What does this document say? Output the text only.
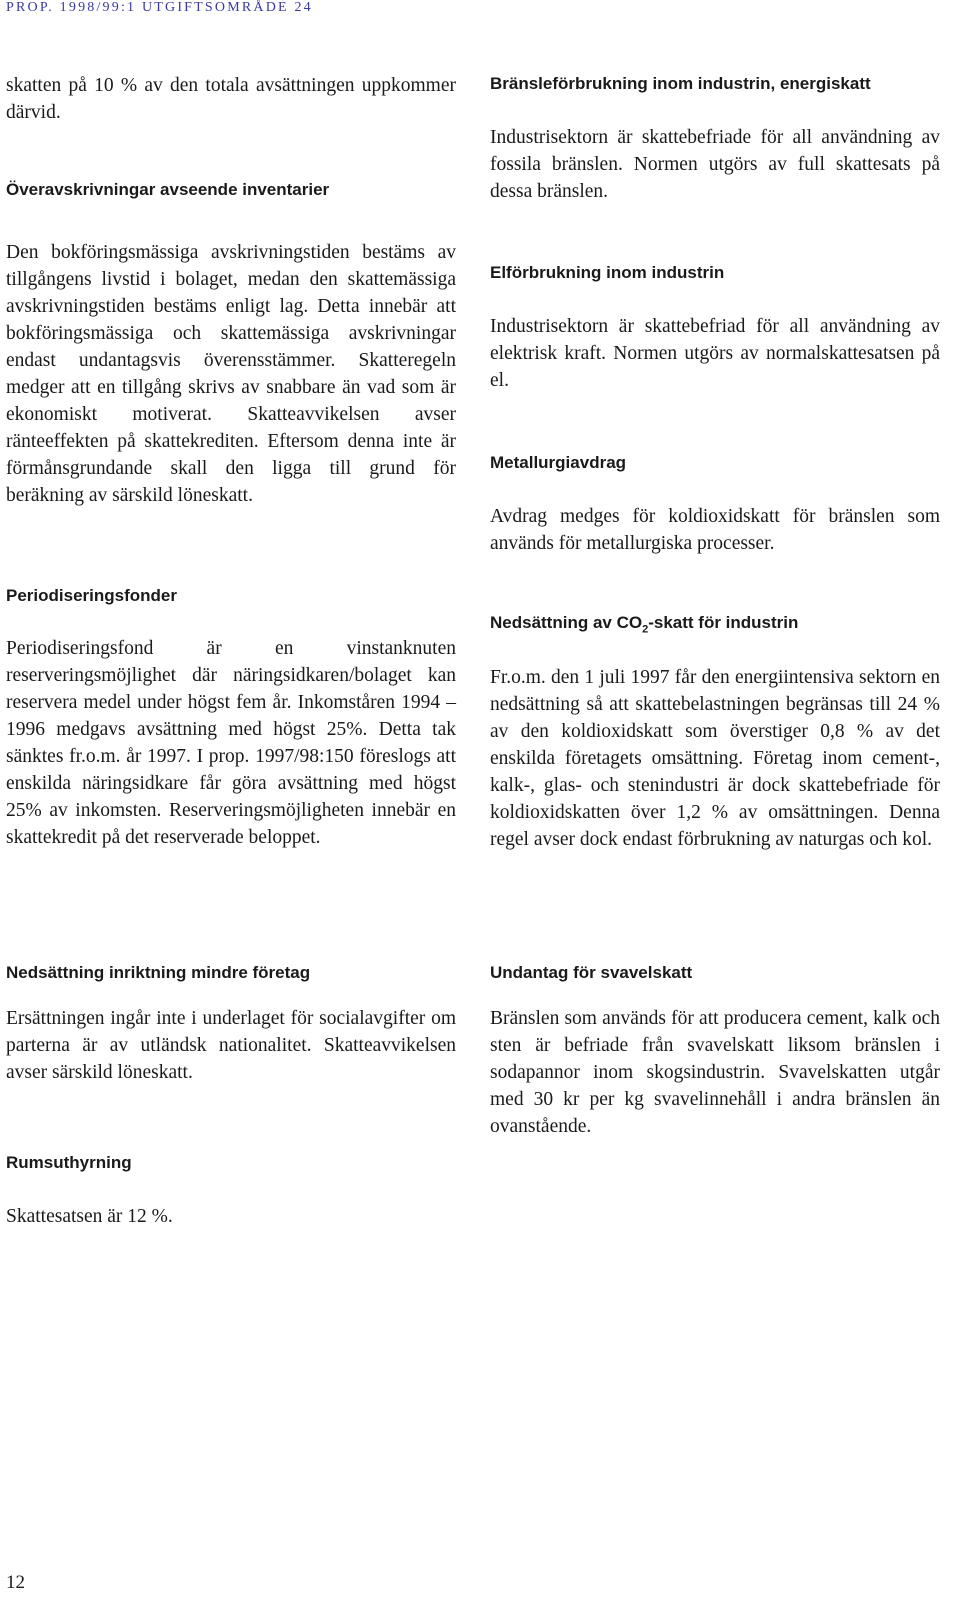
PROP. 1998/99:1 UTGIFTSOMRÅDE 24

skatten på 10 % av den totala avsättningen uppkommer därvid.

Överavskrivningar avseende inventarier

Den bokföringsmässiga avskrivningstiden bestäms av tillgångens livstid i bolaget, medan den skattemässiga avskrivningstiden bestäms enligt lag. Detta innebär att bokföringsmässiga och skattemässiga avskrivningar endast undantagsvis överensstämmer. Skatteregeln medger att en tillgång skrivs av snabbare än vad som är ekonomiskt motiverat. Skatteavvikelsen avser ränteeffekten på skattekrediten. Eftersom denna inte är förmånsgrundande skall den ligga till grund för beräkning av särskild löneskatt.

Periodiseringsfonder

Periodiseringsfond är en vinstanknuten reserveringsmöjlighet där näringsidkaren/bolaget kan reservera medel under högst fem år. Inkomståren 1994 – 1996 medgavs avsättning med högst 25%. Detta tak sänktes fr.o.m. år 1997. I prop. 1997/98:150 föreslogs att enskilda näringsidkare får göra avsättning med högst 25% av inkomsten. Reserveringsmöjligheten innebär en skattekredit på det reserverade beloppet.

Nedsättning inriktning mindre företag

Ersättningen ingår inte i underlaget för socialavgifter om parterna är av utländsk nationalitet. Skatteavvikelsen avser särskild löneskatt.

Rumsuthyrning

Skattesatsen är 12 %.

Bränsleförbrukning inom industrin, energiskatt

Industrisektorn är skattebefriade för all användning av fossila bränslen. Normen utgörs av full skattesats på dessa bränslen.

Elförbrukning inom industrin

Industrisektorn är skattebefriad för all användning av elektrisk kraft. Normen utgörs av normalskattesatsen på el.

Metallurgiavdrag

Avdrag medges för koldioxidskatt för bränslen som används för metallurgiska processer.

Nedsättning av $CO_2$-skatt för industrin

Fr.o.m. den 1 juli 1997 får den energiintensiva sektorn en nedsättning så att skattebelastningen begränsas till 24 % av den koldioxidskatt som överstiger 0,8 % av det enskilda företagets omsättning. Företag inom cement-, kalk-, glas- och stenindustri är dock skattebefriade för koldioxidskatten över 1,2 % av omsättningen. Denna regel avser dock endast förbrukning av naturgas och kol.

Undantag för svavelskatt

Bränslen som används för att producera cement, kalk och sten är befriade från svavelskatt liksom bränslen i sodapannor inom skogsindustrin. Svavelskatten utgår med 30 kr per kg svavelinnehåll i andra bränslen än ovanstående.

12
